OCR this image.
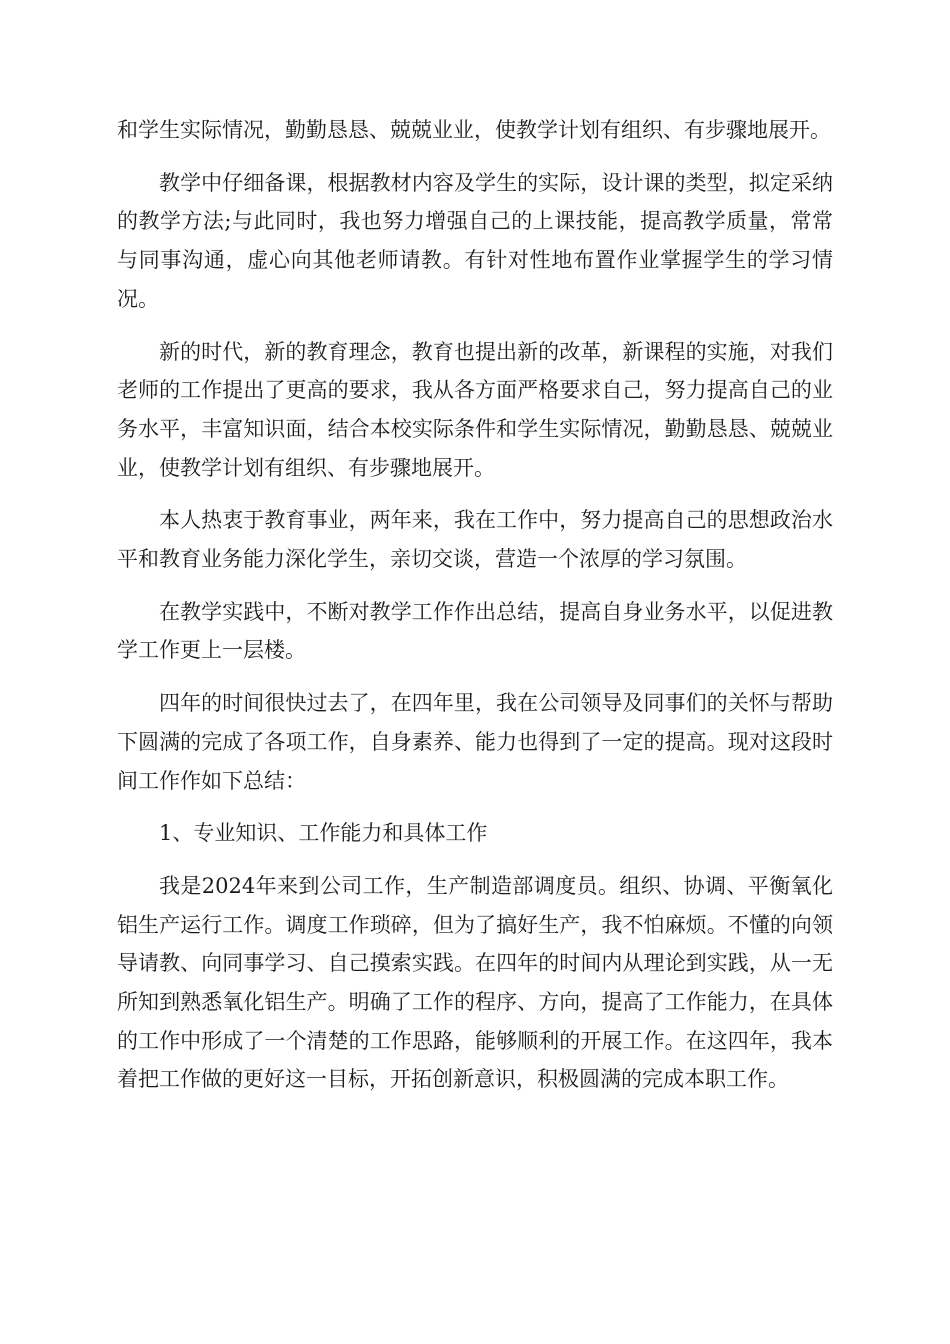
和学生实际情况，勤勤恳恳、兢兢业业，使教学计划有组织、有步骤地展开。

教学中仔细备课，根据教材内容及学生的实际，设计课的类型，拟定采纳的教学方法;与此同时，我也努力增强自己的上课技能，提高教学质量，常常与同事沟通，虚心向其他老师请教。有针对性地布置作业掌握学生的学习情况。

新的时代，新的教育理念，教育也提出新的改革，新课程的实施，对我们老师的工作提出了更高的要求，我从各方面严格要求自己，努力提高自己的业务水平，丰富知识面，结合本校实际条件和学生实际情况，勤勤恳恳、兢兢业业，使教学计划有组织、有步骤地展开。

本人热衷于教育事业，两年来，我在工作中，努力提高自己的思想政治水平和教育业务能力深化学生，亲切交谈，营造一个浓厚的学习氛围。

在教学实践中，不断对教学工作作出总结，提高自身业务水平，以促进教学工作更上一层楼。

四年的时间很快过去了，在四年里，我在公司领导及同事们的关怀与帮助下圆满的完成了各项工作，自身素养、能力也得到了一定的提高。现对这段时间工作作如下总结：

1、专业知识、工作能力和具体工作

我是2024年来到公司工作，生产制造部调度员。组织、协调、平衡氧化铝生产运行工作。调度工作琐碎，但为了搞好生产，我不怕麻烦。不懂的向领导请教、向同事学习、自己摸索实践。在四年的时间内从理论到实践，从一无所知到熟悉氧化铝生产。明确了工作的程序、方向，提高了工作能力，在具体的工作中形成了一个清楚的工作思路，能够顺利的开展工作。在这四年，我本着把工作做的更好这一目标，开拓创新意识，积极圆满的完成本职工作。
